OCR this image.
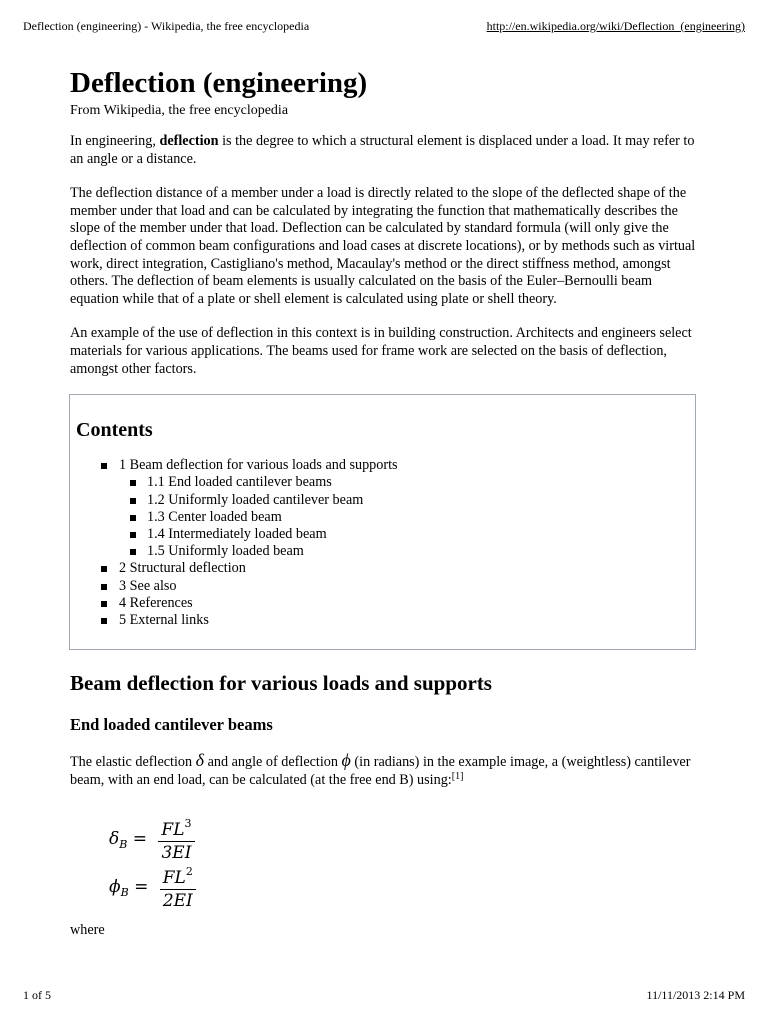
Deflection (engineering) - Wikipedia, the free encyclopedia	http://en.wikipedia.org/wiki/Deflection_(engineering)
Deflection (engineering)
From Wikipedia, the free encyclopedia

In engineering, deflection is the degree to which a structural element is displaced under a load. It may refer to an angle or a distance.

The deflection distance of a member under a load is directly related to the slope of the deflected shape of the member under that load and can be calculated by integrating the function that mathematically describes the slope of the member under that load. Deflection can be calculated by standard formula (will only give the deflection of common beam configurations and load cases at discrete locations), or by methods such as virtual work, direct integration, Castigliano's method, Macaulay's method or the direct stiffness method, amongst others. The deflection of beam elements is usually calculated on the basis of the Euler–Bernoulli beam equation while that of a plate or shell element is calculated using plate or shell theory.

An example of the use of deflection in this context is in building construction. Architects and engineers select materials for various applications. The beams used for frame work are selected on the basis of deflection, amongst other factors.

Contents
1 Beam deflection for various loads and supports
1.1 End loaded cantilever beams
1.2 Uniformly loaded cantilever beam
1.3 Center loaded beam
1.4 Intermediately loaded beam
1.5 Uniformly loaded beam
2 Structural deflection
3 See also
4 References
5 External links
Beam deflection for various loads and supports
End loaded cantilever beams

The elastic deflection δ and angle of deflection ϕ (in radians) in the example image, a (weightless) cantilever beam, with an end load, can be calculated (at the free end B) using:[1]

$\delta_B = \frac{FL^3}{3EI}$
$\phi_B = \frac{FL^2}{2EI}$
where
1 of 5	11/11/2013 2:14 PM
